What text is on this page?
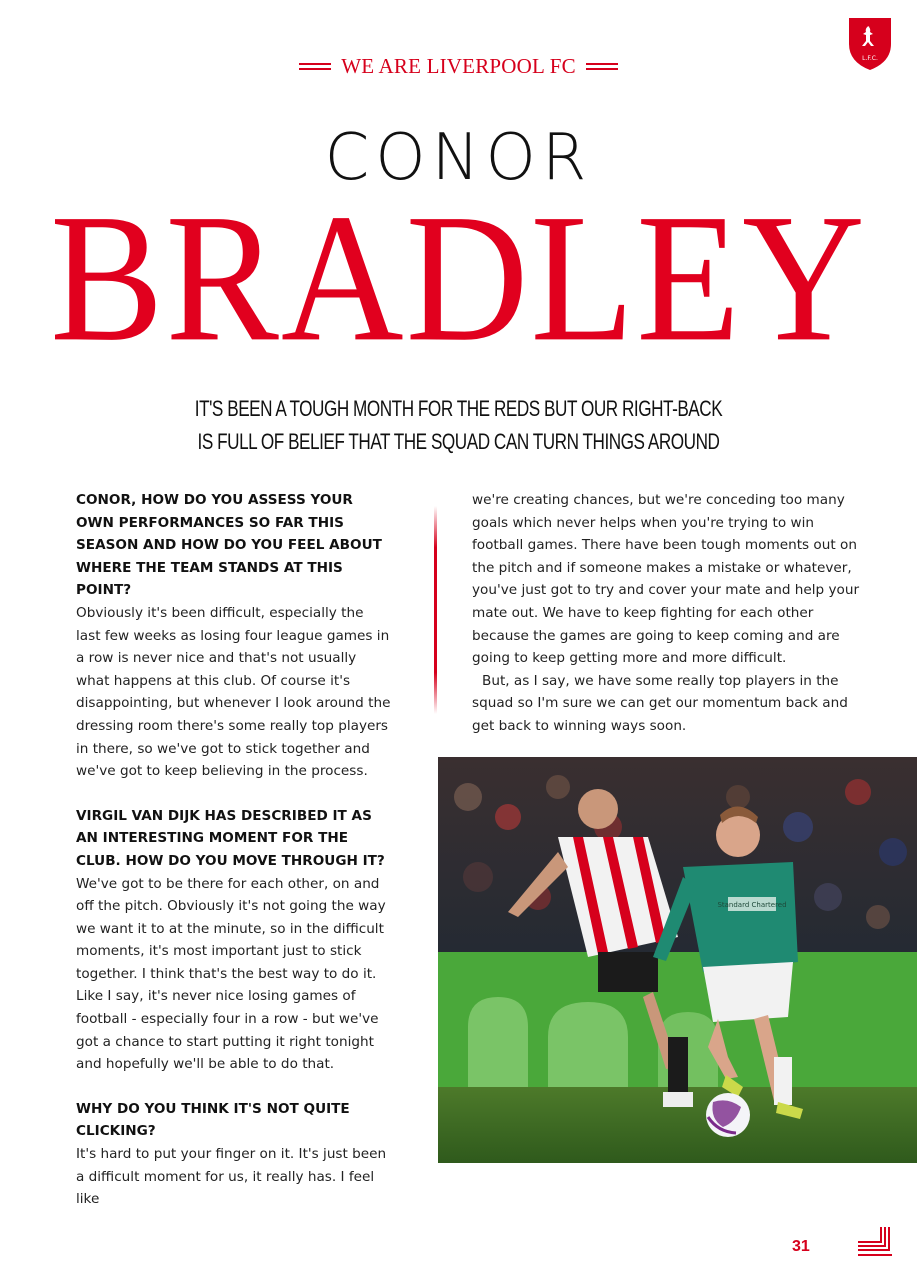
L.F.C.
WE ARE LIVERPOOL FC
CONOR
BRADLEY
IT'S BEEN A TOUGH MONTH FOR THE REDS BUT OUR RIGHT-BACK
IS FULL OF BELIEF THAT THE SQUAD CAN TURN THINGS AROUND

CONOR, HOW DO YOU ASSESS YOUR OWN PERFORMANCES SO FAR THIS SEASON AND HOW DO YOU FEEL ABOUT WHERE THE TEAM STANDS AT THIS POINT?

Obviously it's been difficult, especially the last few weeks as losing four league games in a row is never nice and that's not usually what happens at this club. Of course it's disappointing, but whenever I look around the dressing room there's some really top players in there, so we've got to stick together and we've got to keep believing in the process.

VIRGIL VAN DIJK HAS DESCRIBED IT AS AN INTERESTING MOMENT FOR THE CLUB. HOW DO YOU MOVE THROUGH IT?

We've got to be there for each other, on and off the pitch. Obviously it's not going the way we want it to at the minute, so in the difficult moments, it's most important just to stick together. I think that's the best way to do it. Like I say, it's never nice losing games of football - especially four in a row - but we've got a chance to start putting it right tonight and hopefully we'll be able to do that.

WHY DO YOU THINK IT'S NOT QUITE CLICKING?

It's hard to put your finger on it. It's just been a difficult moment for us, it really has. I feel like

we're creating chances, but we're conceding too many goals which never helps when you're trying to win football games. There have been tough moments out on the pitch and if someone makes a mistake or whatever, you've just got to try and cover your mate and help your mate out. We have to keep fighting for each other because the games are going to keep coming and are going to keep getting more and more difficult.

But, as I say, we have some really top players in the squad so I'm sure we can get our momentum back and get back to winning ways soon.

Standard Chartered
31
